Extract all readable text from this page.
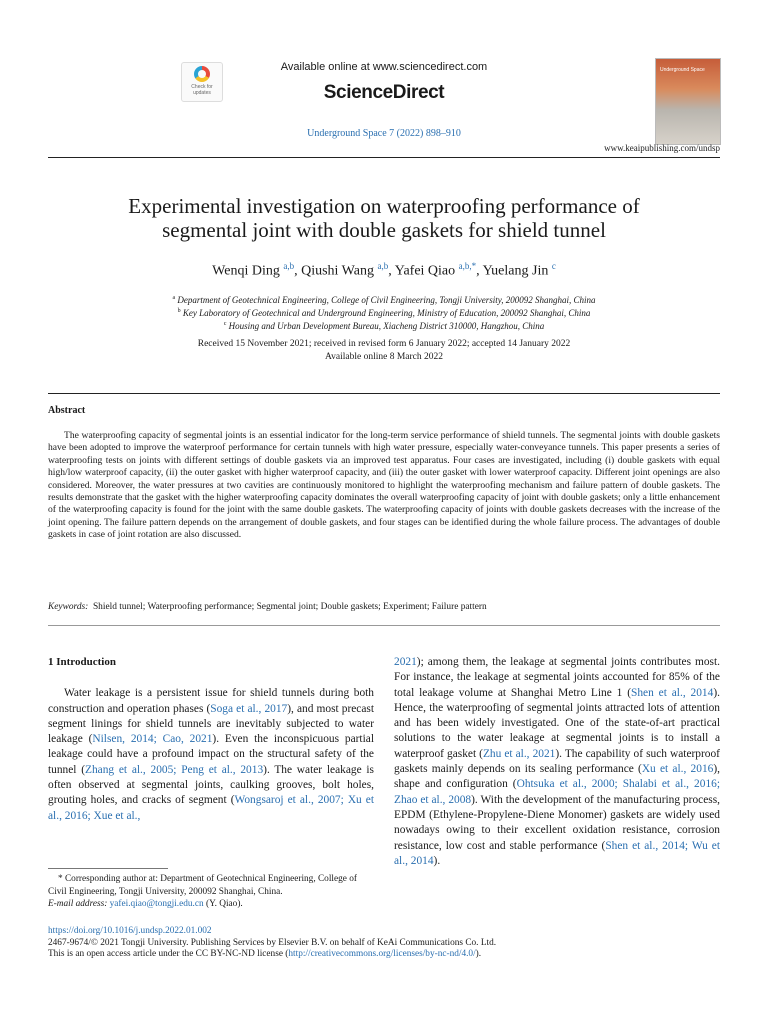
Check for updates
Available online at www.sciencedirect.com
ScienceDirect
Underground Space 7 (2022) 898–910
Underground Space
www.keaipublishing.com/undsp
Experimental investigation on waterproofing performance of
segmental joint with double gaskets for shield tunnel
Wenqi Ding $^{a,b}$, Qiushi Wang $^{a,b}$, Yafei Qiao $^{a,b,*}$, Yuelang Jin $^c$
$^a$ Department of Geotechnical Engineering, College of Civil Engineering, Tongji University, 200092 Shanghai, China
$^b$ Key Laboratory of Geotechnical and Underground Engineering, Ministry of Education, 200092 Shanghai, China
$^c$ Housing and Urban Development Bureau, Xiacheng District 310000, Hangzhou, China
Received 15 November 2021; received in revised form 6 January 2022; accepted 14 January 2022
Available online 8 March 2022
Abstract
The waterproofing capacity of segmental joints is an essential indicator for the long-term service performance of shield tunnels. The segmental joints with double gaskets have been adopted to improve the waterproof performance for certain tunnels with high water pressure, especially water-conveyance tunnels. This paper presents a series of waterproofing tests on joints with different settings of double gaskets via an improved test apparatus. Four cases are investigated, including (i) double gaskets with equal high/low waterproof capacity, (ii) the outer gasket with higher waterproof capacity, and (iii) the outer gasket with lower waterproof capacity. Different joint openings are also considered. Moreover, the water pressures at two cavities are continuously monitored to highlight the waterproofing mechanism and failure pattern of double gaskets. The results demonstrate that the gasket with the higher waterproofing capacity dominates the overall waterproofing capacity of joint with double gaskets; only a little enhancement of the waterproofing capacity is found for the joint with the same double gaskets. The waterproofing capacity of joints with double gaskets decreases with the increase of the joint opening. The failure pattern depends on the arrangement of double gaskets, and four stages can be identified during the whole failure process. The advantages of double gaskets in case of joint rotation are also discussed.
Keywords: Shield tunnel; Waterproofing performance; Segmental joint; Double gaskets; Experiment; Failure pattern
1 Introduction

Water leakage is a persistent issue for shield tunnels during both construction and operation phases (Soga et al., 2017), and most precast segment linings for shield tunnels are inevitably subjected to water leakage (Nilsen, 2014; Cao, 2021). Even the inconspicuous partial leakage could have a profound impact on the structural safety of the tunnel (Zhang et al., 2005; Peng et al., 2013). The water leakage is often observed at segmental joints, caulking grooves, bolt holes, grouting holes, and cracks of segment (Wongsaroj et al., 2007; Xu et al., 2016; Xue et al.,

2021); among them, the leakage at segmental joints contributes most. For instance, the leakage at segmental joints accounted for 85% of the total leakage volume at Shanghai Metro Line 1 (Shen et al., 2014). Hence, the waterproofing of segmental joints attracted lots of attention and has been widely investigated. One of the state-of-art practical solutions to the water leakage at segmental joints is to install a waterproof gasket (Zhu et al., 2021). The capability of such waterproof gaskets mainly depends on its sealing performance (Xu et al., 2016), shape and configuration (Ohtsuka et al., 2000; Shalabi et al., 2016; Zhao et al., 2008). With the development of the manufacturing process, EPDM (Ethylene-Propylene-Diene Monomer) gaskets are widely used nowadays owing to their excellent oxidation resistance, corrosion resistance, low cost and stable performance (Shen et al., 2014; Wu et al., 2014).

* Corresponding author at: Department of Geotechnical Engineering, College of Civil Engineering, Tongji University, 200092 Shanghai, China.
E-mail address: yafei.qiao@tongji.edu.cn (Y. Qiao).
https://doi.org/10.1016/j.undsp.2022.01.002
2467-9674/© 2021 Tongji University. Publishing Services by Elsevier B.V. on behalf of KeAi Communications Co. Ltd.
This is an open access article under the CC BY-NC-ND license (http://creativecommons.org/licenses/by-nc-nd/4.0/).
